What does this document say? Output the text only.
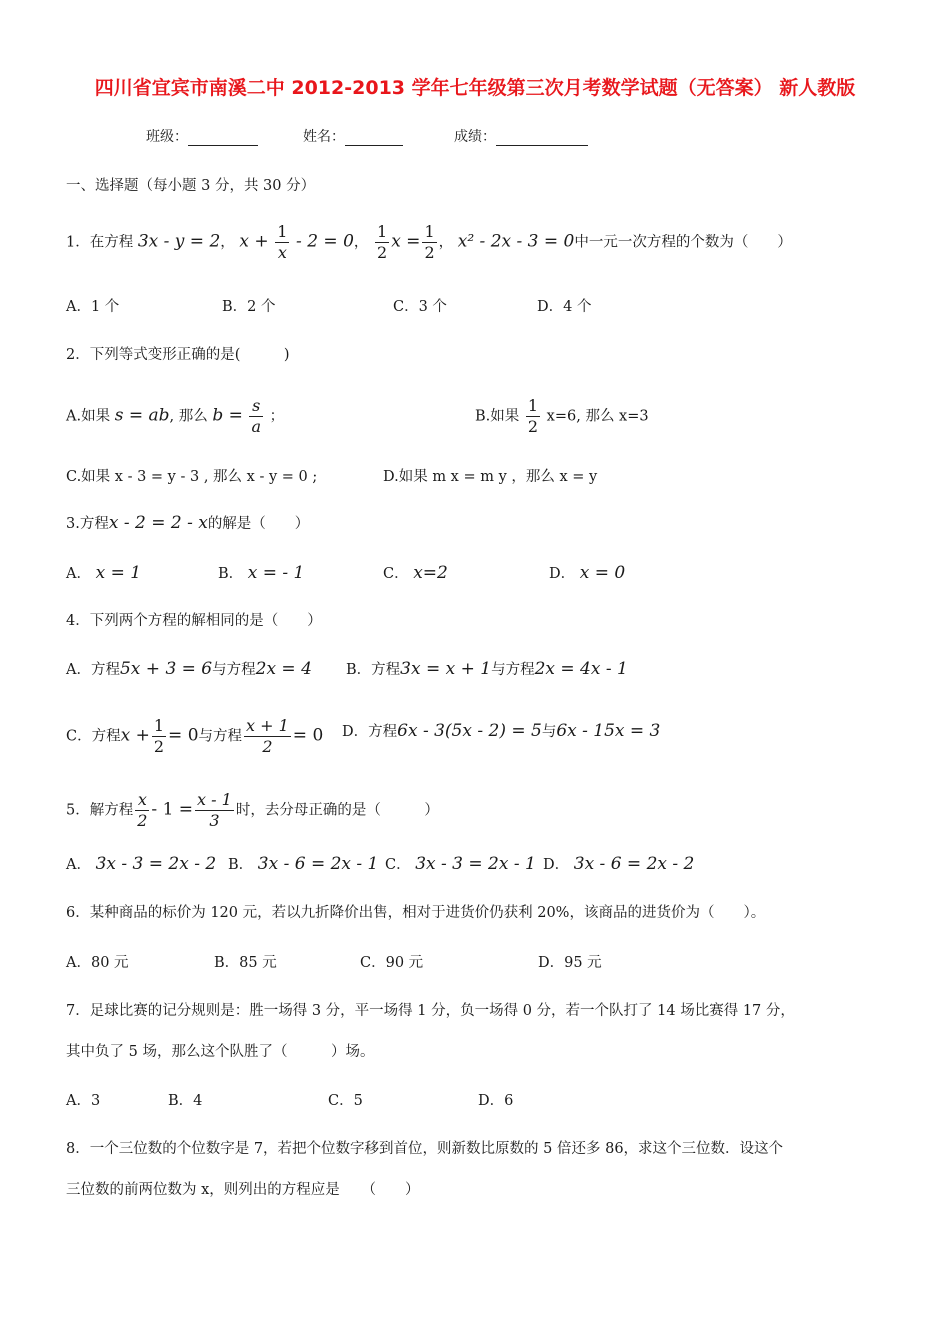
四川省宜宾市南溪二中 2012-2013 学年七年级第三次月考数学试题（无答案） 新人教版
班级：	姓名：	成绩：
一、选择题（每小题 3 分，共 30 分）
1．在方程 3x - y = 2， $x + \frac{1}{x} - 2 = 0$， $\frac{1}{2}$ $x = \frac{1}{2}$ ， x² - 2x - 3 = 0中一元一次方程的个数为（　　）
A．1 个	B．2 个	C．3 个	D．4 个
2．下列等式变形正确的是(　　　)
A.如果 s = ab, 那么 $b = \frac{s}{a}$ ；	B.如果 $\frac{1}{2} x=6$, 那么 x=3
C.如果 x - 3 = y - 3 , 那么 x - y = 0 ;	D.如果 m x = m y ，那么 x = y
3.方程x - 2 = 2 - x的解是（　　）
A． x = 1	B． x = - 1	C． x=2	D． x = 0
4．下列两个方程的解相同的是（　　）
A．方程5x + 3 = 6与方程2x = 4 B．方程3x = x + 1与方程2x = 4x - 1
C．方程$x + \frac{1}{2} = 0$与方程 $\frac{x + 1}{2} = 0$ D．方程6x - 3(5x - 2) = 5与6x - 15x = 3
5．解方程 $\frac{x}{2} - 1 = \frac{x - 1}{3}$ 时，去分母正确的是（　　　）
A． 3x - 3 = 2x - 2 B． 3x - 6 = 2x - 1 C． 3x - 3 = 2x - 1 D． 3x - 6 = 2x - 2
6．某种商品的标价为 120 元，若以九折降价出售，相对于进货价仍获利 20%，该商品的进货价为（　　）。
A．80 元	B．85 元	C．90 元	D．95 元
7．足球比赛的记分规则是：胜一场得 3 分，平一场得 1 分，负一场得 0 分，若一个队打了 14 场比赛得 17 分，
其中负了 5 场，那么这个队胜了（　　　）场。
A．3	B．4	C．5	D．6
8．一个三位数的个位数字是 7，若把个位数字移到首位，则新数比原数的 5 倍还多 86，求这个三位数．设这个
三位数的前两位数为 x，则列出的方程应是　　（　　）
